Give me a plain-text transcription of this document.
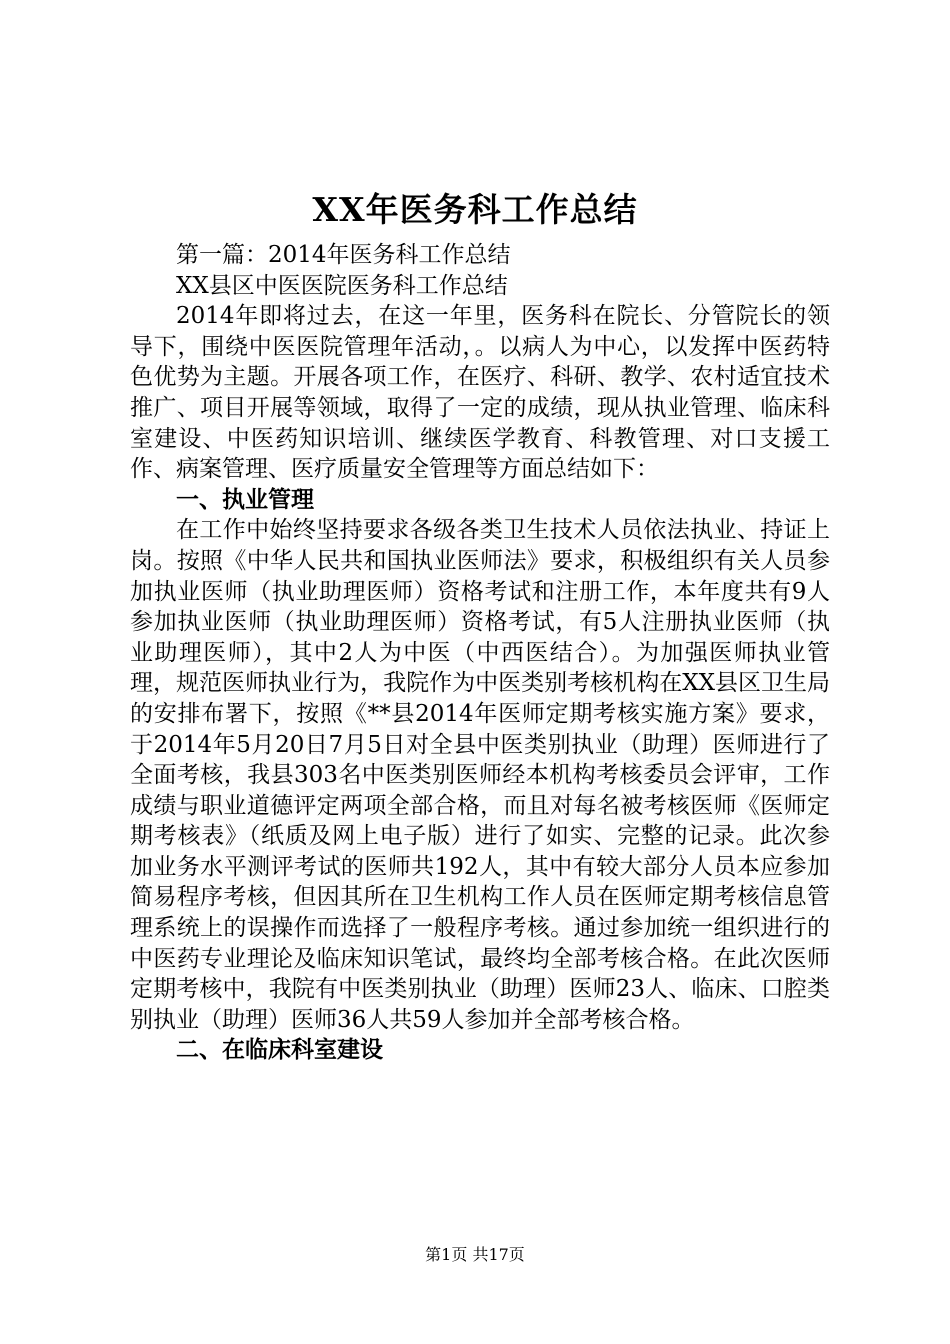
XX年医务科工作总结

第一篇：2014年医务科工作总结

XX县区中医医院医务科工作总结

2014年即将过去，在这一年里，医务科在院长、分管院长的领导下，围绕中医医院管理年活动，。以病人为中心，以发挥中医药特色优势为主题。开展各项工作，在医疗、科研、教学、农村适宜技术推广、项目开展等领域，取得了一定的成绩，现从执业管理、临床科室建设、中医药知识培训、继续医学教育、科教管理、对口支援工作、病案管理、医疗质量安全管理等方面总结如下：

一、执业管理

在工作中始终坚持要求各级各类卫生技术人员依法执业、持证上岗。按照《中华人民共和国执业医师法》要求，积极组织有关人员参加执业医师（执业助理医师）资格考试和注册工作，本年度共有9人参加执业医师（执业助理医师）资格考试，有5人注册执业医师（执业助理医师），其中2人为中医（中西医结合）。为加强医师执业管理，规范医师执业行为，我院作为中医类别考核机构在XX县区卫生局的安排布署下，按照《**县2014年医师定期考核实施方案》要求，于2014年5月20日7月5日对全县中医类别执业（助理）医师进行了全面考核，我县303名中医类别医师经本机构考核委员会评审，工作成绩与职业道德评定两项全部合格，而且对每名被考核医师《医师定期考核表》（纸质及网上电子版）进行了如实、完整的记录。此次参加业务水平测评考试的医师共192人，其中有较大部分人员本应参加简易程序考核，但因其所在卫生机构工作人员在医师定期考核信息管理系统上的误操作而选择了一般程序考核。通过参加统一组织进行的中医药专业理论及临床知识笔试，最终均全部考核合格。在此次医师定期考核中，我院有中医类别执业（助理）医师23人、临床、口腔类别执业（助理）医师36人共59人参加并全部考核合格。

二、在临床科室建设
第1页 共17页
